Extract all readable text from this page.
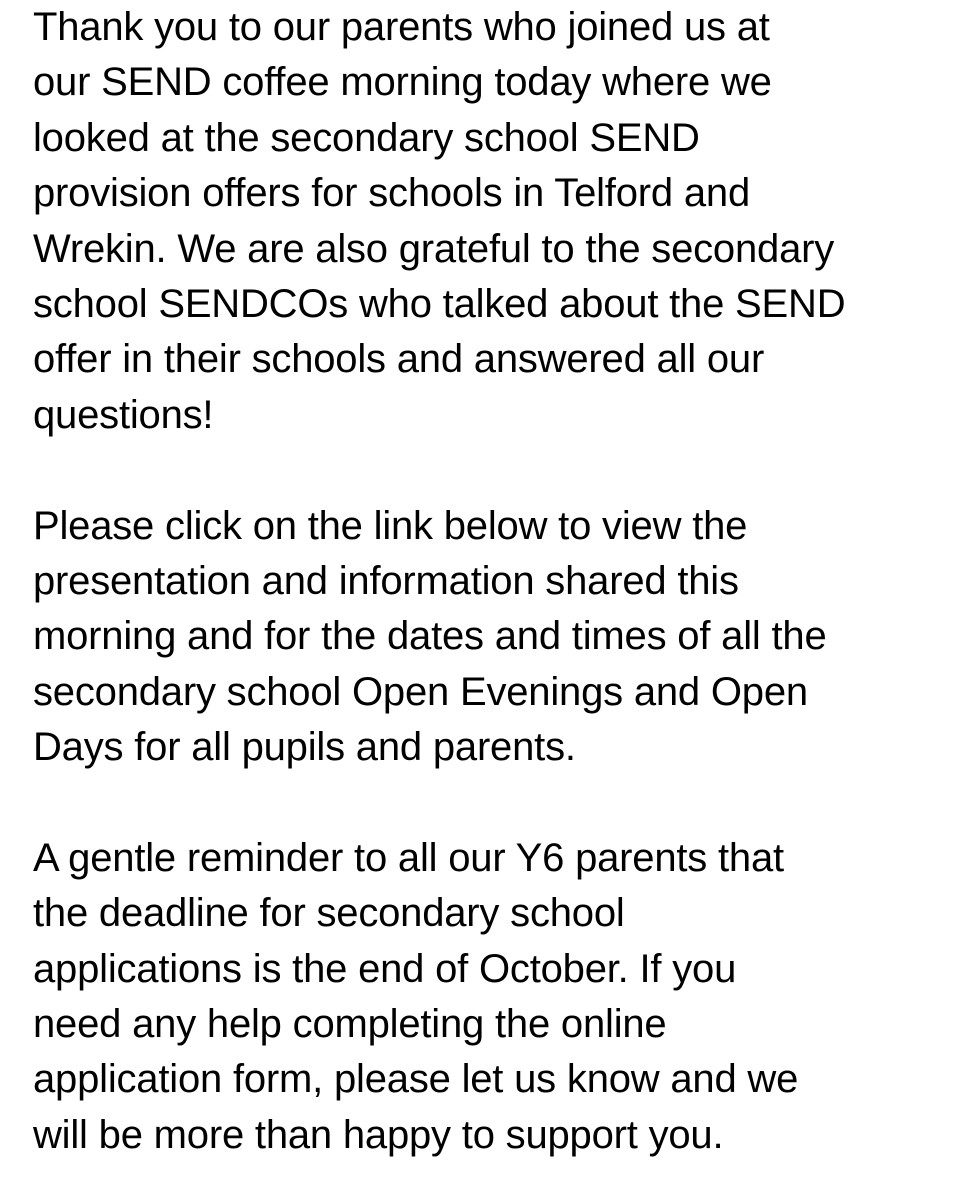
Thank you to our parents who joined us at
our SEND coffee morning today where we
looked at the secondary school SEND
provision offers for schools in Telford and
Wrekin. We are also grateful to the secondary
school SENDCOs who talked about the SEND
offer in their schools and answered all our
questions!
Please click on the link below to view the
presentation and information shared this
morning and for the dates and times of all the
secondary school Open Evenings and Open
Days for all pupils and parents.
A gentle reminder to all our Y6 parents that
the deadline for secondary school
applications is the end of October. If you
need any help completing the online
application form, please let us know and we
will be more than happy to support you.
